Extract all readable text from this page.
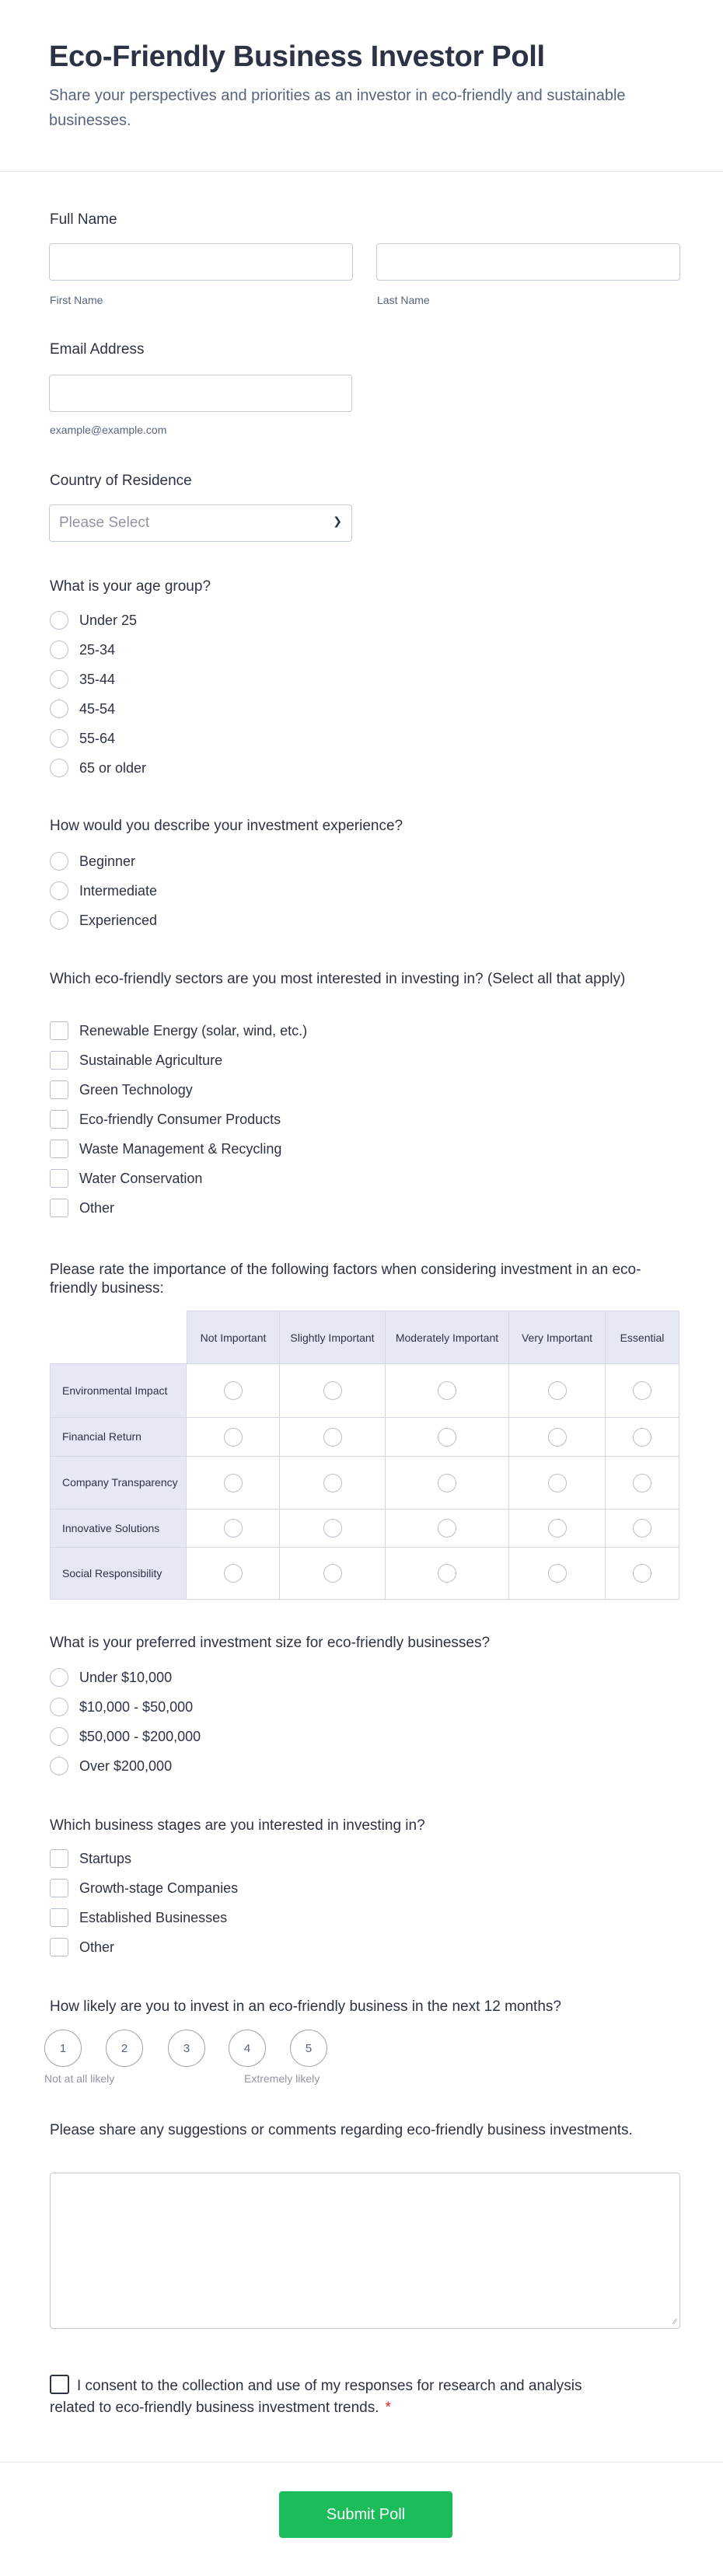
Eco-Friendly Business Investor Poll
Share your perspectives and priorities as an investor in eco-friendly and sustainable businesses.
Full Name
First Name	Last Name
Email Address
example@example.com
Country of Residence
Please Select	❯
What is your age group?
Under 25
25-34
35-44
45-54
55-64
65 or older
How would you describe your investment experience?
Beginner
Intermediate
Experienced
Which eco-friendly sectors are you most interested in investing in? (Select all that apply)
Renewable Energy (solar, wind, etc.)
Sustainable Agriculture
Green Technology
Eco-friendly Consumer Products
Waste Management & Recycling
Water Conservation
Other
Please rate the importance of the following factors when considering investment in an eco-friendly business:
	Not Important	Slightly Important	Moderately Important	Very Important	Essential
Environmental Impact					
Financial Return					
Company Transparency					
Innovative Solutions					
Social Responsibility					
What is your preferred investment size for eco-friendly businesses?
Under $10,000
$10,000 - $50,000
$50,000 - $200,000
Over $200,000
Which business stages are you interested in investing in?
Startups
Growth-stage Companies
Established Businesses
Other
How likely are you to invest in an eco-friendly business in the next 12 months?
1	2	3	4	5
Not at all likely	Extremely likely
Please share any suggestions or comments regarding eco-friendly business investments.
∕∕
I consent to the collection and use of my responses for research and analysis related to eco-friendly business investment trends. *
Submit Poll
